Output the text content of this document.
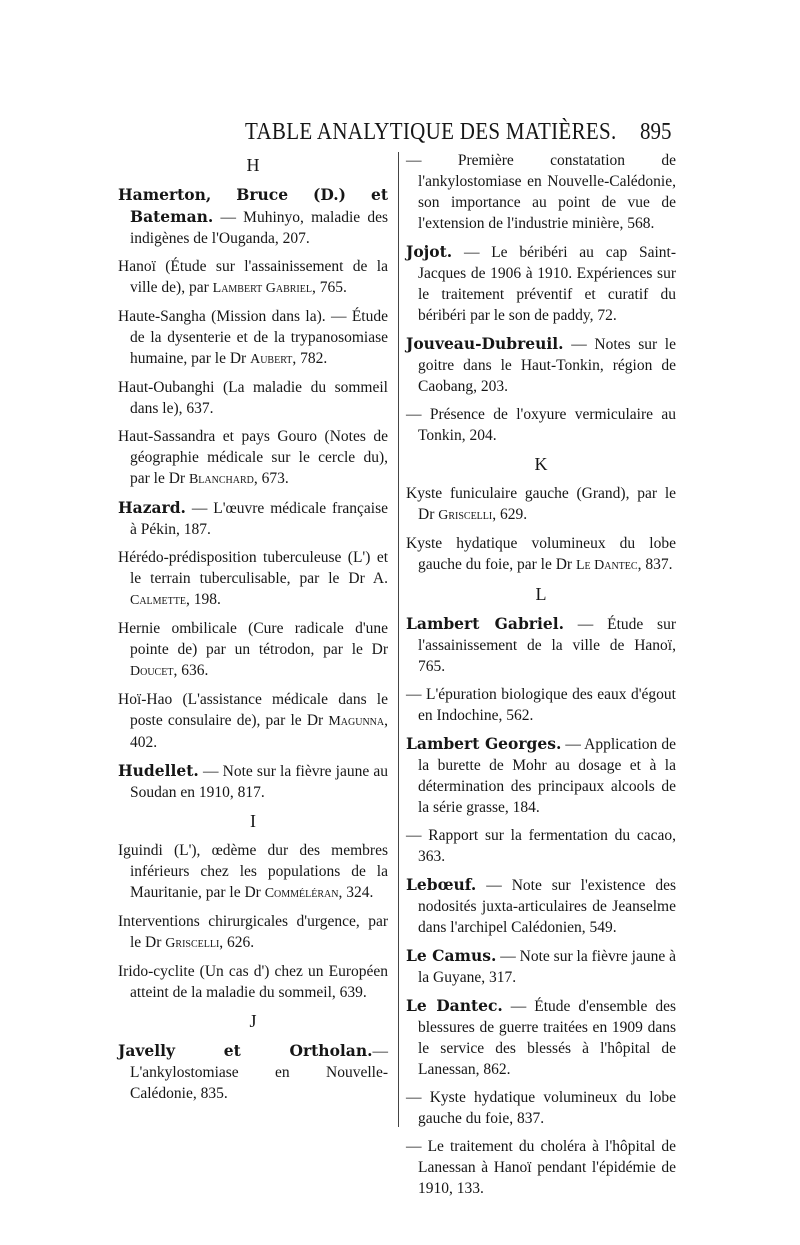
TABLE ANALYTIQUE DES MATIÈRES. 895
H

Hamerton, Bruce (D.) et Bateman. — Muhinyo, maladie des indigènes de l'Ouganda, 207.

Hanoï (Étude sur l'assainissement de la ville de), par Lambert Gabriel, 765.

Haute-Sangha (Mission dans la). — Étude de la dysenterie et de la trypanosomiase humaine, par le Dr Aubert, 782.

Haut-Oubanghi (La maladie du sommeil dans le), 637.

Haut-Sassandra et pays Gouro (Notes de géographie médicale sur le cercle du), par le Dr Blanchard, 673.

Hazard. — L'œuvre médicale française à Pékin, 187.

Hérédo-prédisposition tuberculeuse (L') et le terrain tuberculisable, par le Dr A. Calmette, 198.

Hernie ombilicale (Cure radicale d'une pointe de) par un tétrodon, par le Dr Doucet, 636.

Hoï-Hao (L'assistance médicale dans le poste consulaire de), par le Dr Magunna, 402.

Hudellet. — Note sur la fièvre jaune au Soudan en 1910, 817.

I

Iguindi (L'), œdème dur des membres inférieurs chez les populations de la Mauritanie, par le Dr Comméléran, 324.

Interventions chirurgicales d'urgence, par le Dr Griscelli, 626.

Irido-cyclite (Un cas d') chez un Européen atteint de la maladie du sommeil, 639.

J

Javelly et Ortholan.— L'ankylostomiase en Nouvelle-Calédonie, 835.

— Première constatation de l'ankylostomiase en Nouvelle-Calédonie, son importance au point de vue de l'extension de l'industrie minière, 568.

Jojot. — Le béribéri au cap Saint-Jacques de 1906 à 1910. Expériences sur le traitement préventif et curatif du béribéri par le son de paddy, 72.

Jouveau-Dubreuil. — Notes sur le goitre dans le Haut-Tonkin, région de Caobang, 203.

— Présence de l'oxyure vermiculaire au Tonkin, 204.

K

Kyste funiculaire gauche (Grand), par le Dr Griscelli, 629.

Kyste hydatique volumineux du lobe gauche du foie, par le Dr Le Dantec, 837.

L

Lambert Gabriel. — Étude sur l'assainissement de la ville de Hanoï, 765.

— L'épuration biologique des eaux d'égout en Indochine, 562.

Lambert Georges. — Application de la burette de Mohr au dosage et à la détermination des principaux alcools de la série grasse, 184.

— Rapport sur la fermentation du cacao, 363.

Lebœuf. — Note sur l'existence des nodosités juxta-articulaires de Jeanselme dans l'archipel Calédonien, 549.

Le Camus. — Note sur la fièvre jaune à la Guyane, 317.

Le Dantec. — Étude d'ensemble des blessures de guerre traitées en 1909 dans le service des blessés à l'hôpital de Lanessan, 862.

— Kyste hydatique volumineux du lobe gauche du foie, 837.

— Le traitement du choléra à l'hôpital de Lanessan à Hanoï pendant l'épidémie de 1910, 133.
